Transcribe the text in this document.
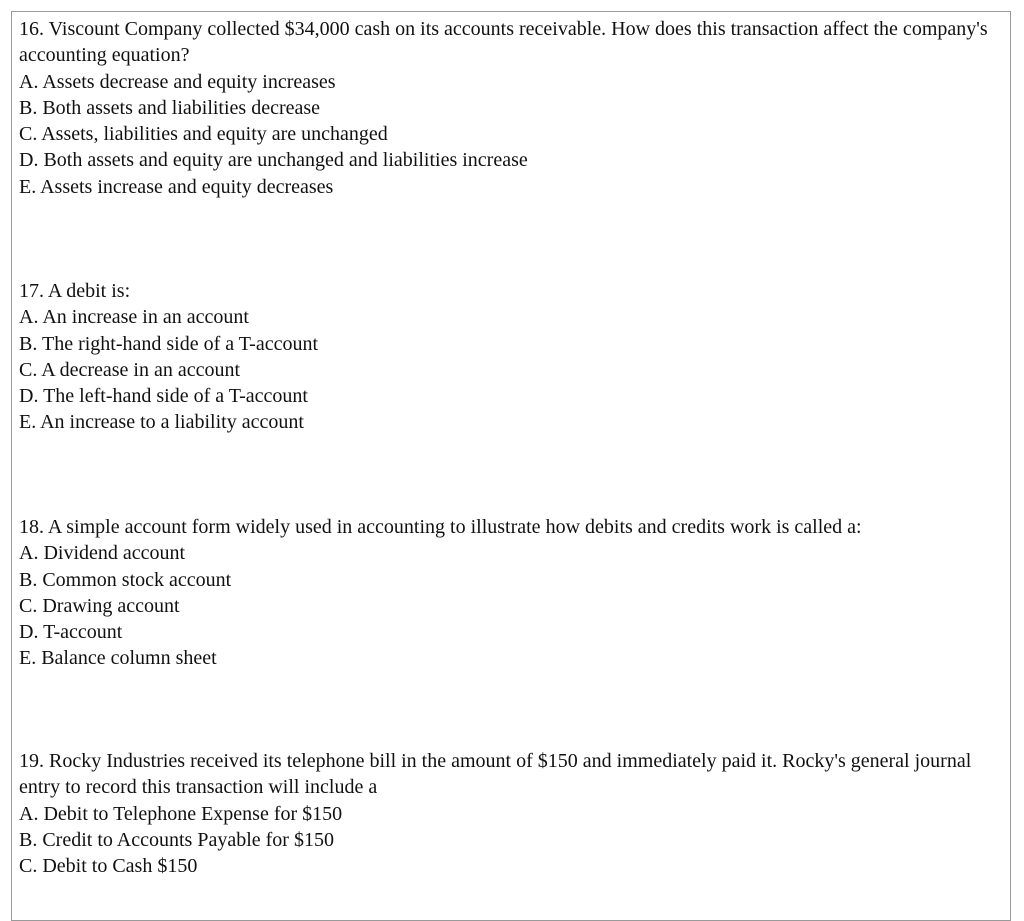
16. Viscount Company collected $34,000 cash on its accounts receivable. How does this transaction affect the company's accounting equation?

A. Assets decrease and equity increases

B. Both assets and liabilities decrease

C. Assets, liabilities and equity are unchanged

D. Both assets and equity are unchanged and liabilities increase

E. Assets increase and equity decreases

17. A debit is:

A. An increase in an account

B. The right-hand side of a T-account

C. A decrease in an account

D. The left-hand side of a T-account

E. An increase to a liability account

18. A simple account form widely used in accounting to illustrate how debits and credits work is called a:

A. Dividend account

B. Common stock account

C. Drawing account

D. T-account

E. Balance column sheet

19. Rocky Industries received its telephone bill in the amount of $150 and immediately paid it. Rocky's general journal entry to record this transaction will include a

A. Debit to Telephone Expense for $150

B. Credit to Accounts Payable for $150

C. Debit to Cash $150
